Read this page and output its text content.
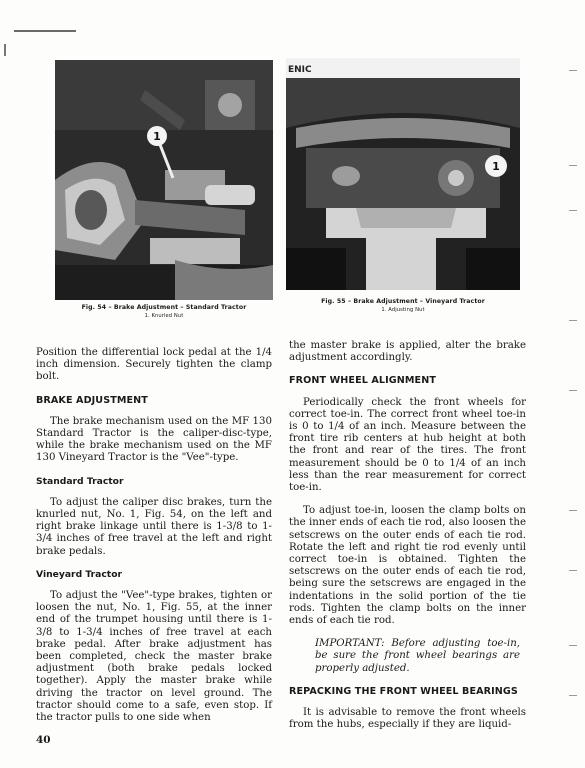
1
ENIC
1
Fig. 54 – Brake Adjustment – Standard Tractor
1. Knurled Nut
Fig. 55 – Brake Adjustment – Vineyard Tractor
1. Adjusting Nut

Position the differential lock pedal at the 1/4 inch dimension. Securely tighten the clamp bolt.

BRAKE ADJUSTMENT

The brake mechanism used on the MF 130 Standard Tractor is the caliper-disc-type, while the brake mechanism used on the MF 130 Vineyard Tractor is the "Vee"-type.

Standard Tractor

To adjust the caliper disc brakes, turn the knurled nut, No. 1, Fig. 54, on the left and right brake linkage until there is 1-3/8 to 1-3/4 inches of free travel at the left and right brake pedals.

Vineyard Tractor

To adjust the "Vee"-type brakes, tighten or loosen the nut, No. 1, Fig. 55, at the inner end of the trumpet housing until there is 1-3/8 to 1-3/4 inches of free travel at each brake pedal. After brake adjustment has been completed, check the master brake adjustment (both brake pedals locked together). Apply the master brake while driving the tractor on level ground. The tractor should come to a safe, even stop. If the tractor pulls to one side when

the master brake is applied, alter the brake adjustment accordingly.

FRONT WHEEL ALIGNMENT

Periodically check the front wheels for correct toe-in. The correct front wheel toe-in is 0 to 1/4 of an inch. Measure between the front tire rib centers at hub height at both the front and rear of the tires. The front measurement should be 0 to 1/4 of an inch less than the rear measurement for correct toe-in.

To adjust toe-in, loosen the clamp bolts on the inner ends of each tie rod, also loosen the setscrews on the outer ends of each tie rod. Rotate the left and right tie rod evenly until correct toe-in is obtained. Tighten the setscrews on the outer ends of each tie rod, being sure the setscrews are engaged in the indentations in the solid portion of the tie rods. Tighten the clamp bolts on the inner ends of each tie rod.

IMPORTANT: Before adjusting toe-in, be sure the front wheel bearings are properly adjusted.

REPACKING THE FRONT WHEEL BEARINGS

It is advisable to remove the front wheels from the hubs, especially if they are liquid-

40
